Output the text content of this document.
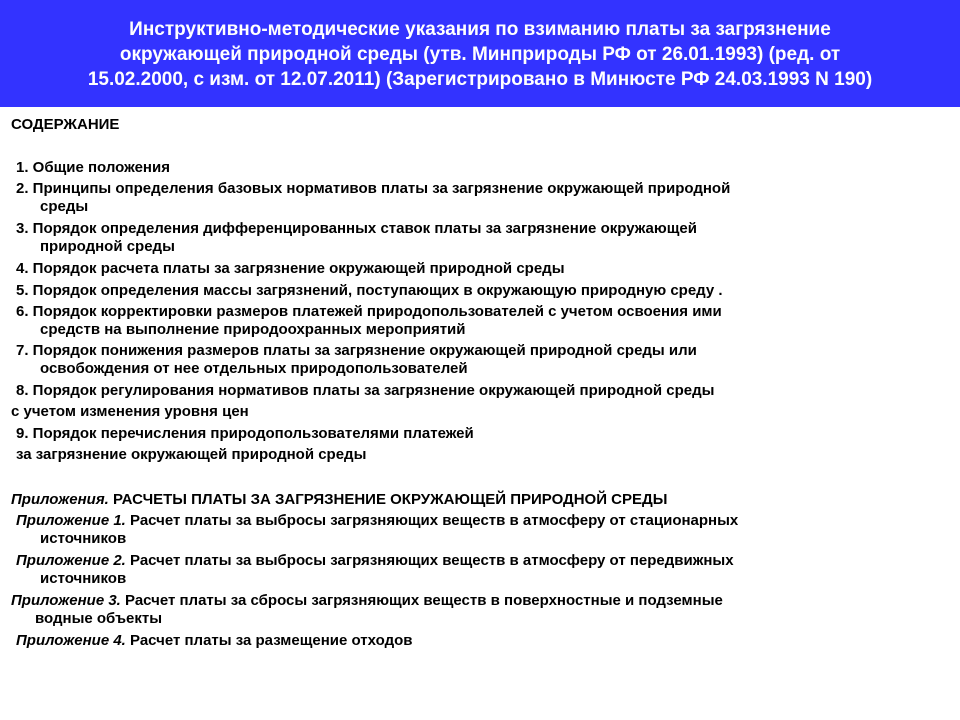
Инструктивно-методические указания по взиманию платы за загрязнение
окружающей природной среды (утв. Минприроды РФ от 26.01.1993) (ред. от
15.02.2000, с изм. от 12.07.2011) (Зарегистрировано в Минюсте РФ 24.03.1993 N 190)
СОДЕРЖАНИЕ
1. Общие положения
2. Принципы определения базовых нормативов платы за загрязнение окружающей природной
среды
3. Порядок определения дифференцированных ставок платы за загрязнение окружающей
природной среды
4. Порядок расчета платы за загрязнение окружающей природной среды
5. Порядок определения массы загрязнений, поступающих в окружающую природную среду .
6. Порядок корректировки размеров платежей природопользователей с учетом освоения ими
средств на выполнение природоохранных мероприятий
7. Порядок понижения размеров платы за загрязнение окружающей природной среды или
освобождения от нее отдельных природопользователей
8. Порядок регулирования нормативов платы за загрязнение окружающей природной среды
с учетом изменения уровня цен
9. Порядок перечисления природопользователями платежей
за загрязнение окружающей природной среды
Приложения. РАСЧЕТЫ ПЛАТЫ ЗА ЗАГРЯЗНЕНИЕ ОКРУЖАЮЩЕЙ ПРИРОДНОЙ СРЕДЫ
Приложение 1. Расчет платы за выбросы загрязняющих веществ в атмосферу от стационарных
источников
Приложение 2. Расчет платы за выбросы загрязняющих веществ в атмосферу от передвижных
источников
Приложение 3. Расчет платы за сбросы загрязняющих веществ в поверхностные и подземные
водные объекты
Приложение 4. Расчет платы за размещение отходов
